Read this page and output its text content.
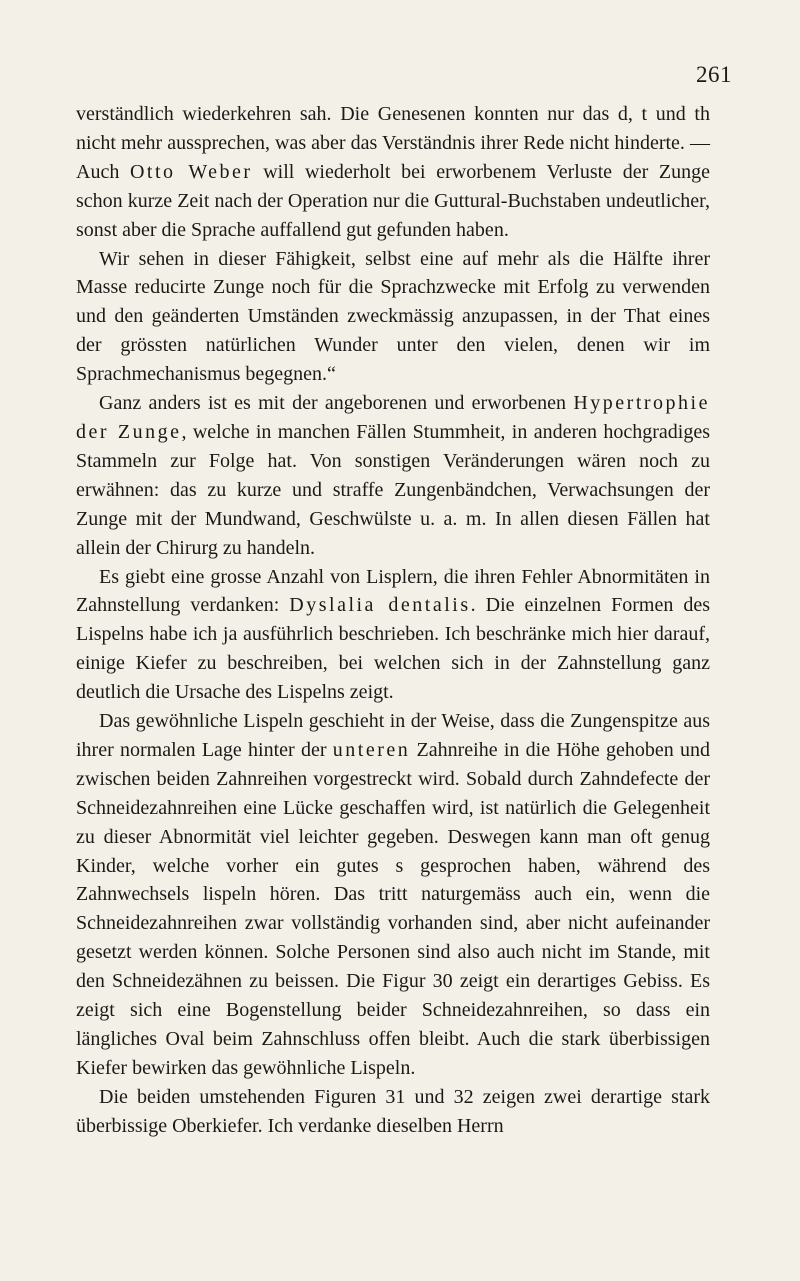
261

verständlich wiederkehren sah. Die Genesenen konnten nur das d, t und th nicht mehr aussprechen, was aber das Verständnis ihrer Rede nicht hinderte. — Auch Otto Weber will wiederholt bei erworbenem Verluste der Zunge schon kurze Zeit nach der Operation nur die Guttural-Buchstaben undeutlicher, sonst aber die Sprache auffallend gut gefunden haben.

Wir sehen in dieser Fähigkeit, selbst eine auf mehr als die Hälfte ihrer Masse reducirte Zunge noch für die Sprachzwecke mit Erfolg zu verwenden und den geänderten Umständen zweckmässig anzupassen, in der That eines der grössten natürlichen Wunder unter den vielen, denen wir im Sprachmechanismus begegnen.“

Ganz anders ist es mit der angeborenen und erworbenen Hypertrophie der Zunge, welche in manchen Fällen Stummheit, in anderen hochgradiges Stammeln zur Folge hat. Von sonstigen Veränderungen wären noch zu erwähnen: das zu kurze und straffe Zungenbändchen, Verwachsungen der Zunge mit der Mundwand, Geschwülste u. a. m. In allen diesen Fällen hat allein der Chirurg zu handeln.

Es giebt eine grosse Anzahl von Lisplern, die ihren Fehler Abnormitäten in Zahnstellung verdanken: Dyslalia dentalis. Die einzelnen Formen des Lispelns habe ich ja ausführlich beschrieben. Ich beschränke mich hier darauf, einige Kiefer zu beschreiben, bei welchen sich in der Zahnstellung ganz deutlich die Ursache des Lispelns zeigt.

Das gewöhnliche Lispeln geschieht in der Weise, dass die Zungenspitze aus ihrer normalen Lage hinter der unteren Zahnreihe in die Höhe gehoben und zwischen beiden Zahnreihen vorgestreckt wird. Sobald durch Zahndefecte der Schneidezahnreihen eine Lücke geschaffen wird, ist natürlich die Gelegenheit zu dieser Abnormität viel leichter gegeben. Deswegen kann man oft genug Kinder, welche vorher ein gutes s gesprochen haben, während des Zahnwechsels lispeln hören. Das tritt naturgemäss auch ein, wenn die Schneidezahnreihen zwar vollständig vorhanden sind, aber nicht aufeinander gesetzt werden können. Solche Personen sind also auch nicht im Stande, mit den Schneidezähnen zu beissen. Die Figur 30 zeigt ein derartiges Gebiss. Es zeigt sich eine Bogenstellung beider Schneidezahnreihen, so dass ein längliches Oval beim Zahnschluss offen bleibt. Auch die stark überbissigen Kiefer bewirken das gewöhnliche Lispeln.

Die beiden umstehenden Figuren 31 und 32 zeigen zwei derartige stark überbissige Oberkiefer. Ich verdanke dieselben Herrn
